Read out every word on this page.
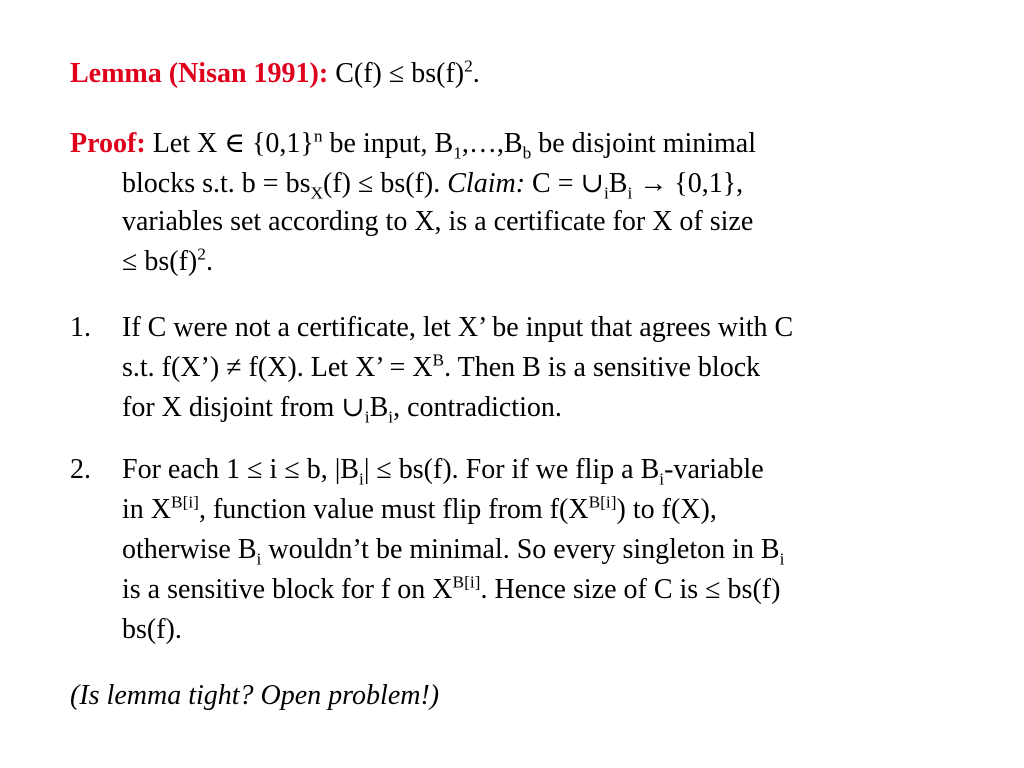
Lemma (Nisan 1991): $C(f) \le bs(f)^2$.
Proof: Let X ∈ $\{0,1\}^n$ be input, $B_1,\dots,B_b$ be disjoint minimal
blocks s.t. $b = bs_X(f) \le bs(f)$. Claim: $C = \cup_iB_i \to \{0,1\}$,
variables set according to X, is a certificate for X of size
≤ $bs(f)^2$.
1. If C were not a certificate, let X’ be input that agrees with C
s.t. f(X’) ≠ f(X). Let X’ = $X^B$. Then B is a sensitive block
for X disjoint from $\cup_iB_i$, contradiction.
2. For each 1 ≤ i ≤ b, $|B_i| \le bs(f)$. For if we flip a $B_i$-variable
in $X^{B[i]}$, function value must flip from $f(X^{B[i]})$ to f(X),
otherwise $B_i$ wouldn’t be minimal. So every singleton in $B_i$
is a sensitive block for f on $X^{B[i]}$. Hence size of C is ≤ bs(f)
bs(f).
(Is lemma tight? Open problem!)
